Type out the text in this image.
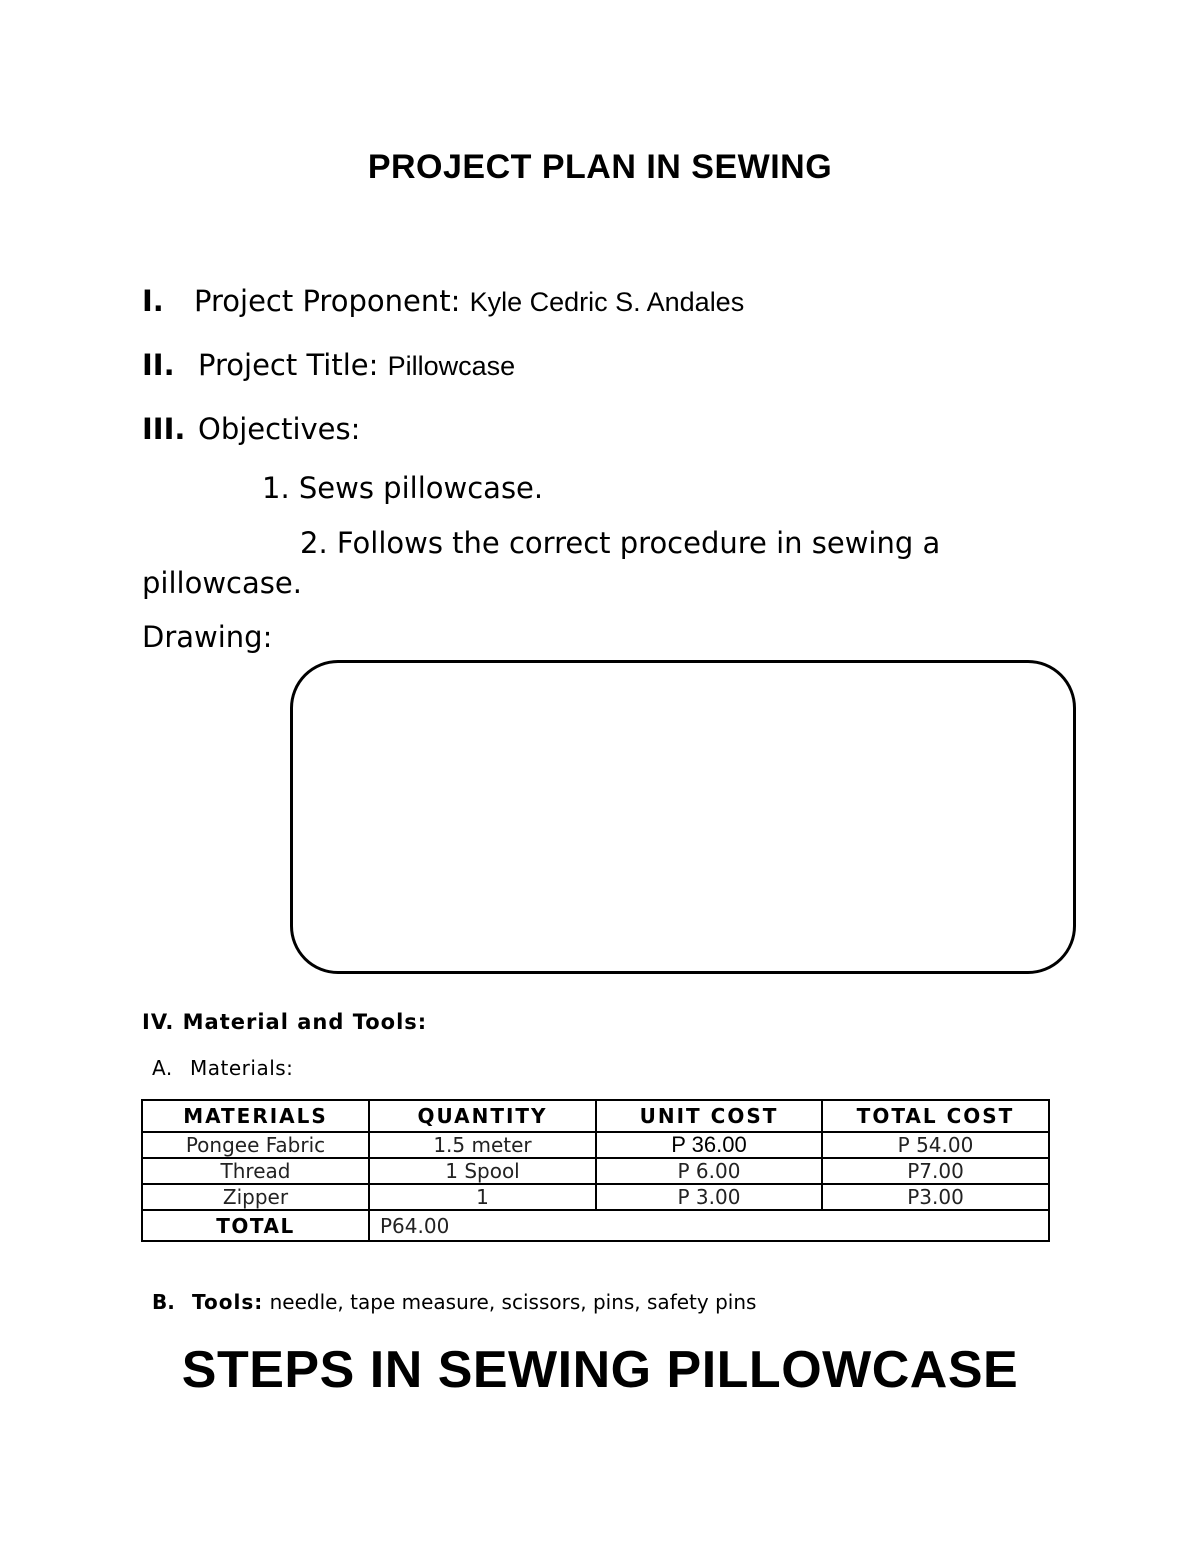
PROJECT PLAN IN SEWING
I. Project Proponent: Kyle Cedric S. Andales
II. Project Title: Pillowcase
III. Objectives:
1. Sews pillowcase.
2. Follows the correct procedure in sewing a
pillowcase.
Drawing:
IV. Material and Tools:
A. Materials:
MATERIALS	QUANTITY	UNIT COST	TOTAL COST
Pongee Fabric	1.5 meter	P 36.00	P 54.00
Thread	1 Spool	P 6.00	P7.00
Zipper	1	P 3.00	P3.00
TOTAL	P64.00		
B. Tools: needle, tape measure, scissors, pins, safety pins
STEPS IN SEWING PILLOWCASE
